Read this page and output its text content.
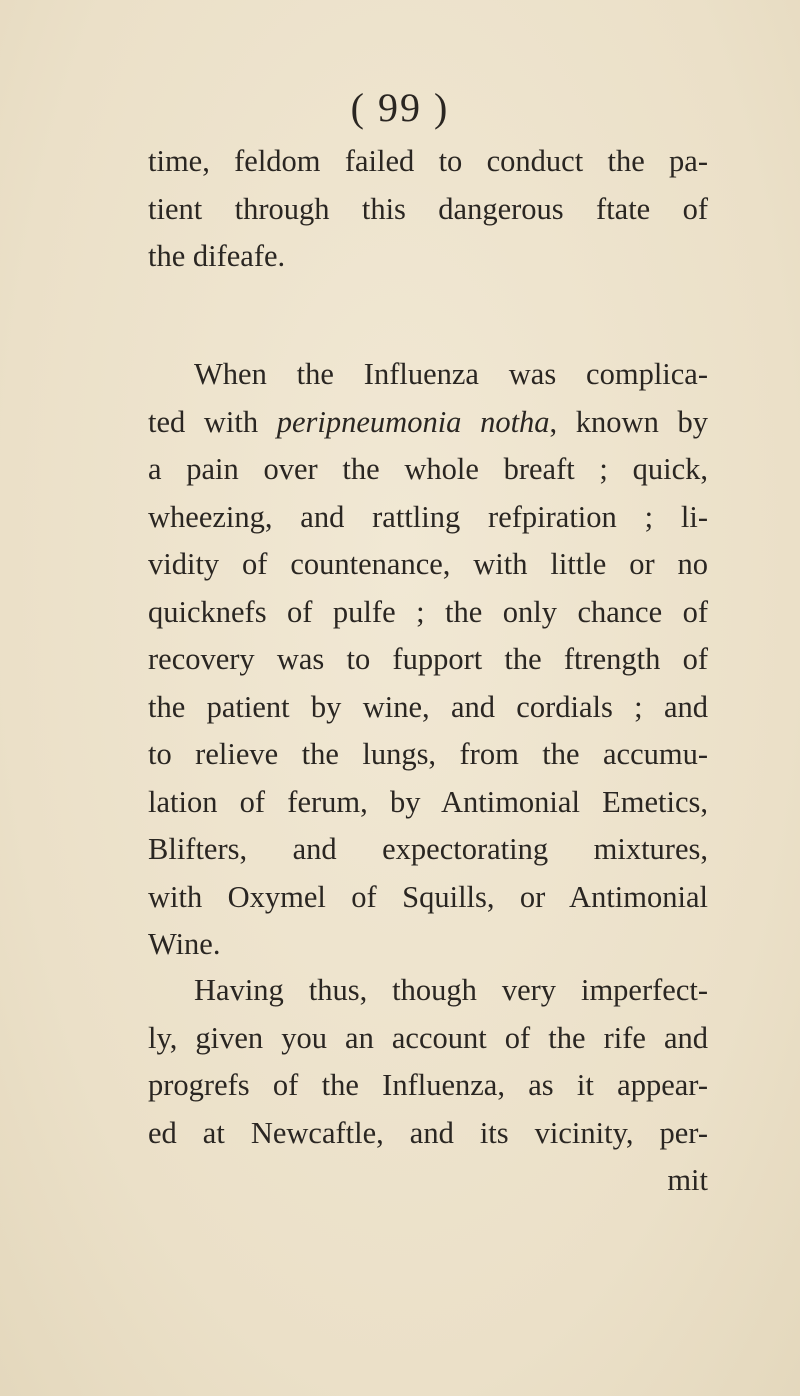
( 99 )
time, feldom failed to conduct the pa-
tient through this dangerous ftate of
the difeafe.
When the Influenza was complica-
ted with peripneumonia notha, known by
a pain over the whole breaft ; quick,
wheezing, and rattling refpiration ; li-
vidity of countenance, with little or no
quicknefs of pulfe ; the only chance of
recovery was to fupport the ftrength of
the patient by wine, and cordials ; and
to relieve the lungs, from the accumu-
lation of ferum, by Antimonial Emetics,
Blifters, and expectorating mixtures,
with Oxymel of Squills, or Antimonial
Wine.
Having thus, though very imperfect-
ly, given you an account of the rife and
progrefs of the Influenza, as it appear-
ed at Newcaftle, and its vicinity, per-
mit
